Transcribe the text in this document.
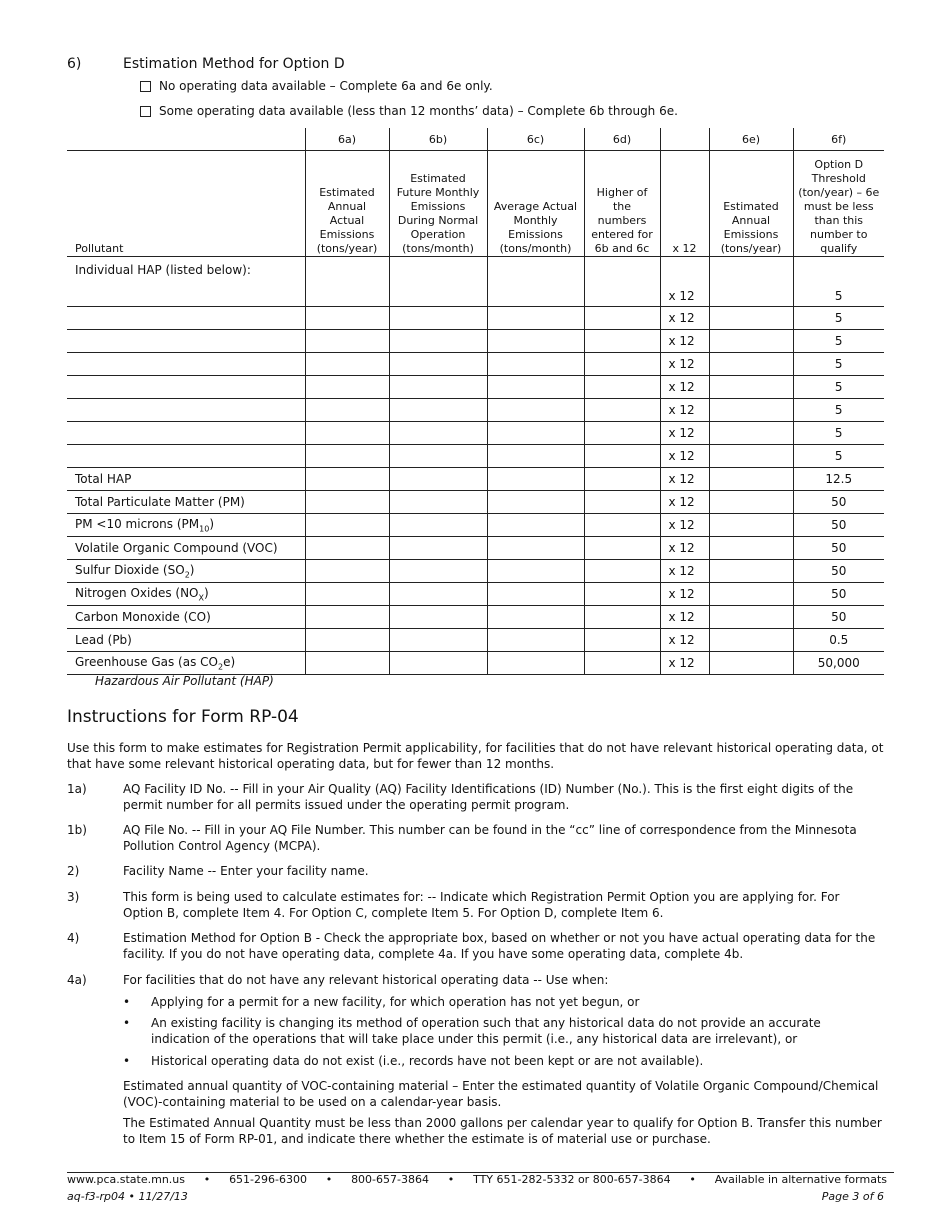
6)	Estimation Method for Option D
No operating data available – Complete 6a and 6e only.
Some operating data available (less than 12 months’ data) – Complete 6b through 6e.
	6a)	6b)	6c)	6d)		6e)	6f)
Pollutant	Estimated Annual Actual Emissions (tons/year)	Estimated Future Monthly Emissions During Normal Operation (tons/month)	Average Actual Monthly Emissions (tons/month)	Higher of the numbers entered for 6b and 6c	x 12	Estimated Annual Emissions (tons/year)	Option D Threshold (ton/year) – 6e must be less than this number to qualify
Individual HAP (listed below):					x 12		5
					x 12		5
					x 12		5
					x 12		5
					x 12		5
					x 12		5
					x 12		5
					x 12		5
Total HAP					x 12		12.5
Total Particulate Matter (PM)					x 12		50
PM <10 microns $(PM_{10})$					x 12		50
Volatile Organic Compound (VOC)					x 12		50
Sulfur Dioxide $(SO_2)$					x 12		50
Nitrogen Oxides $(NO_X)$					x 12		50
Carbon Monoxide (CO)					x 12		50
Lead (Pb)					x 12		0.5
Greenhouse Gas (as $CO_2e$)					x 12		50,000
Hazardous Air Pollutant (HAP)
Instructions for Form RP-04
Use this form to make estimates for Registration Permit applicability, for facilities that do not have relevant historical operating data, ot that have some relevant historical operating data, but for fewer than 12 months.
1a)	AQ Facility ID No. -- Fill in your Air Quality (AQ) Facility Identifications (ID) Number (No.). This is the first eight digits of the permit number for all permits issued under the operating permit program.
1b)	AQ File No. -- Fill in your AQ File Number. This number can be found in the “cc” line of correspondence from the Minnesota Pollution Control Agency (MCPA).
2)	Facility Name -- Enter your facility name.
3)	This form is being used to calculate estimates for: -- Indicate which Registration Permit Option you are applying for. For Option B, complete Item 4. For Option C, complete Item 5. For Option D, complete Item 6.
4)	Estimation Method for Option B - Check the appropriate box, based on whether or not you have actual operating data for the facility. If you do not have operating data, complete 4a. If you have some operating data, complete 4b.
4a)	For facilities that do not have any relevant historical operating data -- Use when:
• Applying for a permit for a new facility, for which operation has not yet begun, or
• An existing facility is changing its method of operation such that any historical data do not provide an accurate indication of the operations that will take place under this permit (i.e., any historical data are irrelevant), or
• Historical operating data do not exist (i.e., records have not been kept or are not available).
Estimated annual quantity of VOC-containing material – Enter the estimated quantity of Volatile Organic Compound/Chemical (VOC)-containing material to be used on a calendar-year basis.
The Estimated Annual Quantity must be less than 2000 gallons per calendar year to qualify for Option B. Transfer this number to Item 15 of Form RP-01, and indicate there whether the estimate is of material use or purchase.
www.pca.state.mn.us • 651-296-6300 • 800-657-3864 • TTY 651-282-5332 or 800-657-3864 • Available in alternative formats
aq-f3-rp04 • 11/27/13	Page 3 of 6
